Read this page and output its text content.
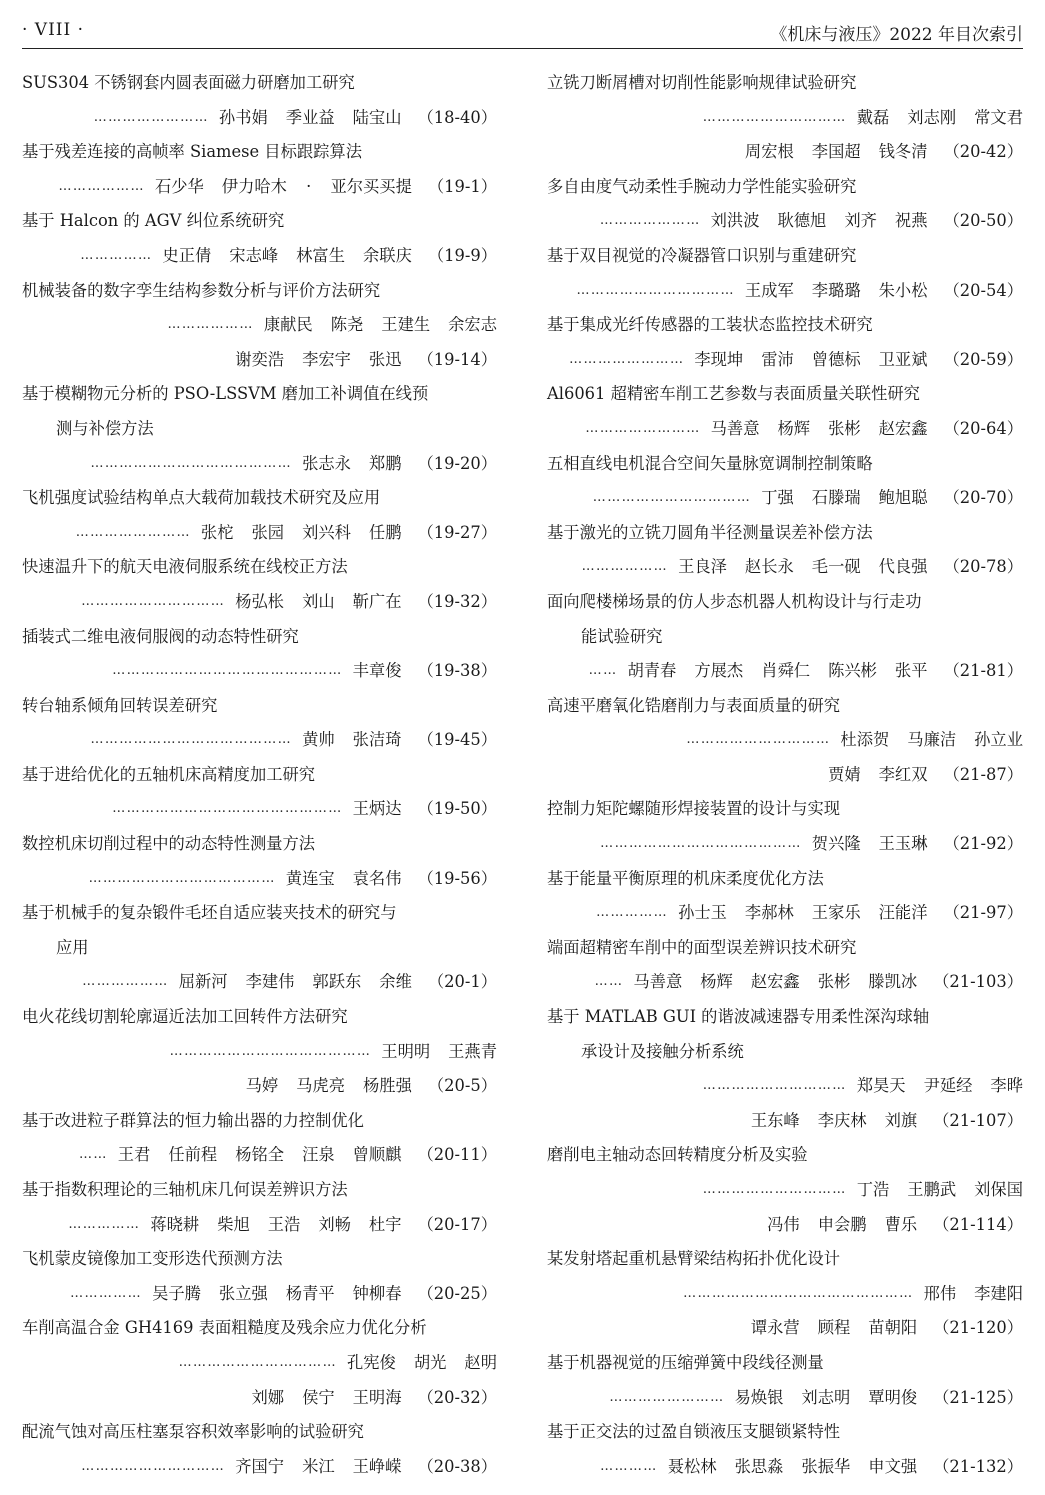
· VIII ·	《机床与液压》2022 年目次索引
SUS304 不锈钢套内圆表面磁力研磨加工研究
…………………… 孙书娟 季业益 陆宝山 （18-40）
基于残差连接的高帧率 Siamese 目标跟踪算法
……………… 石少华 伊力哈木 · 亚尔买买提 （19-1）
基于 Halcon 的 AGV 纠位系统研究
…………… 史正倩 宋志峰 林富生 余联庆 （19-9）
机械装备的数字孪生结构参数分析与评价方法研究
……………… 康献民 陈尧 王建生 余宏志
谢奕浩 李宏宇 张迅 （19-14）
基于模糊物元分析的 PSO-LSSVM 磨加工补调值在线预
测与补偿方法
…………………………………… 张志永 郑鹏 （19-20）
飞机强度试验结构单点大载荷加载技术研究及应用
…………………… 张柁 张园 刘兴科 任鹏 （19-27）
快速温升下的航天电液伺服系统在线校正方法
………………………… 杨弘枨 刘山 靳广在 （19-32）
插装式二维电液伺服阀的动态特性研究
………………………………………… 丰章俊 （19-38）
转台轴系倾角回转误差研究
…………………………………… 黄帅 张洁琦 （19-45）
基于进给优化的五轴机床高精度加工研究
………………………………………… 王炳达 （19-50）
数控机床切削过程中的动态特性测量方法
………………………………… 黄连宝 袁名伟 （19-56）
基于机械手的复杂锻件毛坯自适应装夹技术的研究与
应用
……………… 屈新河 李建伟 郭跃东 余维 （20-1）
电火花线切割轮廓逼近法加工回转件方法研究
…………………………………… 王明明 王燕青
马婷 马虎亮 杨胜强 （20-5）
基于改进粒子群算法的恒力输出器的力控制优化
…… 王君 任前程 杨铭全 汪泉 曾顺麒 （20-11）
基于指数积理论的三轴机床几何误差辨识方法
…………… 蒋晓耕 柴旭 王浩 刘畅 杜宇 （20-17）
飞机蒙皮镜像加工变形迭代预测方法
…………… 吴子腾 张立强 杨青平 钟柳春 （20-25）
车削高温合金 GH4169 表面粗糙度及残余应力优化分析
…………………………… 孔宪俊 胡光 赵明
刘娜 侯宁 王明海 （20-32）
配流气蚀对高压柱塞泵容积效率影响的试验研究
………………………… 齐国宁 米江 王峥嵘 （20-38）
立铣刀断屑槽对切削性能影响规律试验研究
………………………… 戴磊 刘志刚 常文君
周宏根 李国超 钱冬清 （20-42）
多自由度气动柔性手腕动力学性能实验研究
………………… 刘洪波 耿德旭 刘齐 祝燕 （20-50）
基于双目视觉的冷凝器管口识别与重建研究
…………………………… 王成军 李璐璐 朱小松 （20-54）
基于集成光纤传感器的工装状态监控技术研究
…………………… 李现坤 雷沛 曾德标 卫亚斌 （20-59）
Al6061 超精密车削工艺参数与表面质量关联性研究
…………………… 马善意 杨辉 张彬 赵宏鑫 （20-64）
五相直线电机混合空间矢量脉宽调制控制策略
…………………………… 丁强 石滕瑞 鲍旭聪 （20-70）
基于激光的立铣刀圆角半径测量误差补偿方法
……………… 王良泽 赵长永 毛一砚 代良强 （20-78）
面向爬楼梯场景的仿人步态机器人机构设计与行走功
能试验研究
…… 胡青春 方展杰 肖舜仁 陈兴彬 张平 （21-81）
高速平磨氧化锆磨削力与表面质量的研究
………………………… 杜添贺 马廉洁 孙立业
贾婧 李红双 （21-87）
控制力矩陀螺随形焊接装置的设计与实现
…………………………………… 贺兴隆 王玉琳 （21-92）
基于能量平衡原理的机床柔度优化方法
…………… 孙士玉 李郝林 王家乐 汪能洋 （21-97）
端面超精密车削中的面型误差辨识技术研究
…… 马善意 杨辉 赵宏鑫 张彬 滕凯冰 （21-103）
基于 MATLAB GUI 的谐波减速器专用柔性深沟球轴
承设计及接触分析系统
………………………… 郑昊天 尹延经 李晔
王东峰 李庆林 刘旗 （21-107）
磨削电主轴动态回转精度分析及实验
………………………… 丁浩 王鹏武 刘保国
冯伟 申会鹏 曹乐 （21-114）
某发射塔起重机悬臂梁结构拓扑优化设计
………………………………………… 邢伟 李建阳
谭永营 顾程 苗朝阳 （21-120）
基于机器视觉的压缩弹簧中段线径测量
…………………… 易焕银 刘志明 覃明俊 （21-125）
基于正交法的过盈自锁液压支腿锁紧特性
………… 聂松林 张思淼 张振华 申文强 （21-132）
